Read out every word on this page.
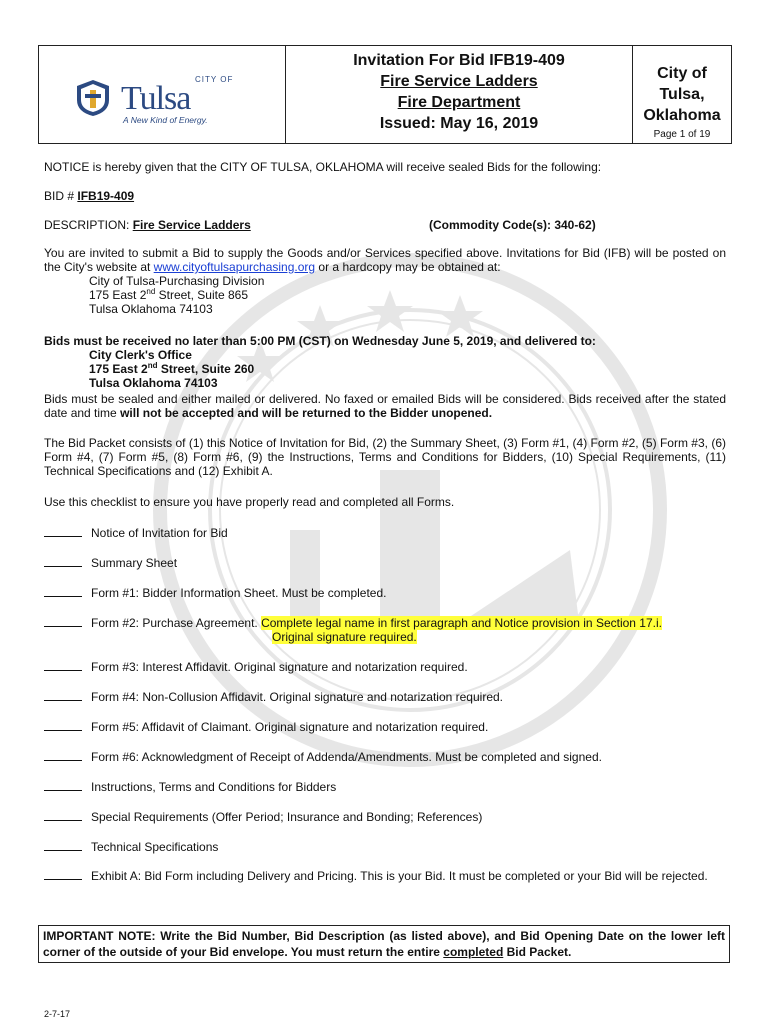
CITY OF
Tulsa
A New Kind of Energy.
Invitation For Bid IFB19-409
Fire Service Ladders
Fire Department
Issued: May 16, 2019
City of Tulsa,
Oklahoma
Page 1 of 19
NOTICE is hereby given that the CITY OF TULSA, OKLAHOMA will receive sealed Bids for the following:
BID # IFB19-409
DESCRIPTION: Fire Service Ladders	(Commodity Code(s): 340-62)
You are invited to submit a Bid to supply the Goods and/or Services specified above. Invitations for Bid (IFB) will be posted on the City's website at www.cityoftulsapurchasing.org or a hardcopy may be obtained at:
City of Tulsa-Purchasing Division
175 East 2nd Street, Suite 865
Tulsa Oklahoma 74103
Bids must be received no later than 5:00 PM (CST) on Wednesday June 5, 2019, and delivered to:
City Clerk's Office
175 East 2nd Street, Suite 260
Tulsa Oklahoma 74103
Bids must be sealed and either mailed or delivered. No faxed or emailed Bids will be considered. Bids received after the stated date and time will not be accepted and will be returned to the Bidder unopened.
The Bid Packet consists of (1) this Notice of Invitation for Bid, (2) the Summary Sheet, (3) Form #1, (4) Form #2, (5) Form #3, (6) Form #4, (7) Form #5, (8) Form #6, (9) the Instructions, Terms and Conditions for Bidders, (10) Special Requirements, (11) Technical Specifications and (12) Exhibit A.
Use this checklist to ensure you have properly read and completed all Forms.
Notice of Invitation for Bid
Summary Sheet
Form #1: Bidder Information Sheet. Must be completed.
Form #2: Purchase Agreement. Complete legal name in first paragraph and Notice provision in Section 17.i.
Original signature required.
Form #3: Interest Affidavit. Original signature and notarization required.
Form #4: Non-Collusion Affidavit. Original signature and notarization required.
Form #5: Affidavit of Claimant. Original signature and notarization required.
Form #6: Acknowledgment of Receipt of Addenda/Amendments. Must be completed and signed.
Instructions, Terms and Conditions for Bidders
Special Requirements (Offer Period; Insurance and Bonding; References)
Technical Specifications
Exhibit A: Bid Form including Delivery and Pricing. This is your Bid. It must be completed or your Bid will be rejected.
IMPORTANT NOTE: Write the Bid Number, Bid Description (as listed above), and Bid Opening Date on the lower left corner of the outside of your Bid envelope. You must return the entire completed Bid Packet.
2-7-17
